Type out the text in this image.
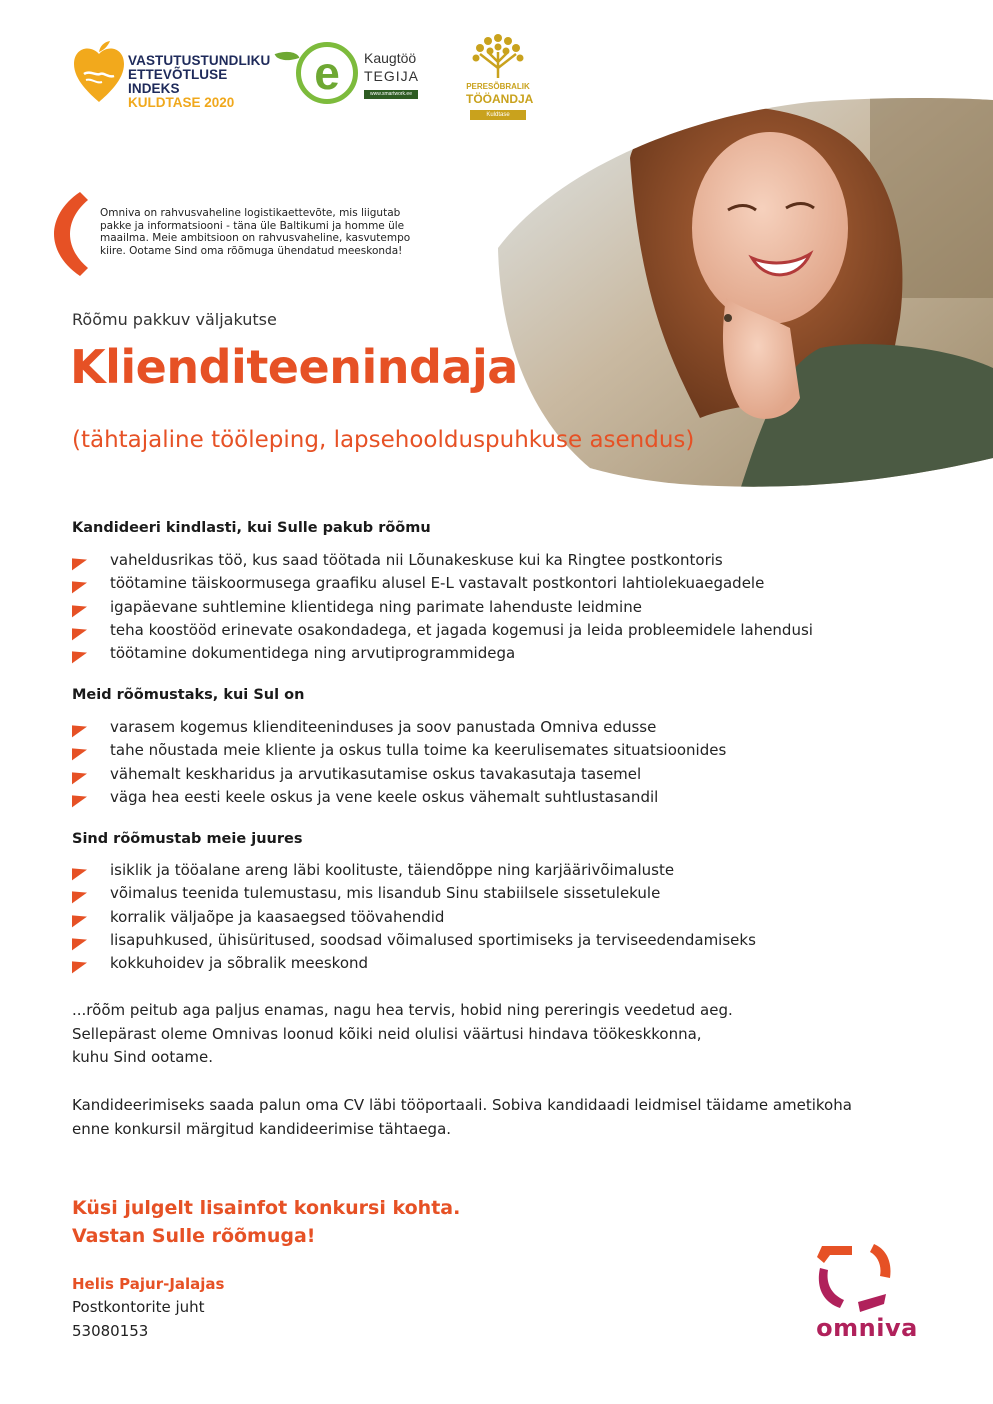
VASTUTUSTUNDLIKU
ETTEVÕTLUSE INDEKS
KULDTASE 2020
e	Kaugtöö
TEGIJA
www.smartwork.ee
PERESÕBRALIK
TÖÖANDJA
Kuldtase
Omniva on rahvusvaheline logistikaettevõte, mis liigutab pakke ja informatsiooni - täna üle Baltikumi ja homme üle maailma. Meie ambitsioon on rahvusvaheline, kasvutempo kiire. Ootame Sind oma rõõmuga ühendatud meeskonda!
Rõõmu pakkuv väljakutse
Klienditeenindaja
(tähtajaline tööleping, lapsehoolduspuhkuse asendus)
Kandideeri kindlasti, kui Sulle pakub rõõmu
vaheldusrikas töö, kus saad töötada nii Lõunakeskuse kui ka Ringtee postkontoris
töötamine täiskoormusega graafiku alusel E-L vastavalt postkontori lahtiolekuaegadele
igapäevane suhtlemine klientidega ning parimate lahenduste leidmine
teha koostööd erinevate osakondadega, et jagada kogemusi ja leida probleemidele lahendusi
töötamine dokumentidega ning arvutiprogrammidega
Meid rõõmustaks, kui Sul on
varasem kogemus klienditeeninduses ja soov panustada Omniva edusse
tahe nõustada meie kliente ja oskus tulla toime ka keerulisemates situatsioonides
vähemalt keskharidus ja arvutikasutamise oskus tavakasutaja tasemel
väga hea eesti keele oskus ja vene keele oskus vähemalt suhtlustasandil
Sind rõõmustab meie juures
isiklik ja tööalane areng läbi koolituste, täiendõppe ning karjäärivõimaluste
võimalus teenida tulemustasu, mis lisandub Sinu stabiilsele sissetulekule
korralik väljaõpe ja kaasaegsed töövahendid
lisapuhkused, ühisüritused, soodsad võimalused sportimiseks ja terviseedendamiseks
kokkuhoidev ja sõbralik meeskond
...rõõm peitub aga paljus enamas, nagu hea tervis, hobid ning pereringis veedetud aeg.
Sellepärast oleme Omnivas loonud kõiki neid olulisi väärtusi hindava töökeskkonna,
kuhu Sind ootame.
Kandideerimiseks saada palun oma CV läbi tööportaali. Sobiva kandidaadi leidmisel täidame ametikoha
enne konkursil märgitud kandideerimise tähtaega.
Küsi julgelt lisainfot konkursi kohta.
Vastan Sulle rõõmuga!
Helis Pajur-Jalajas
Postkontorite juht
53080153	omniva
